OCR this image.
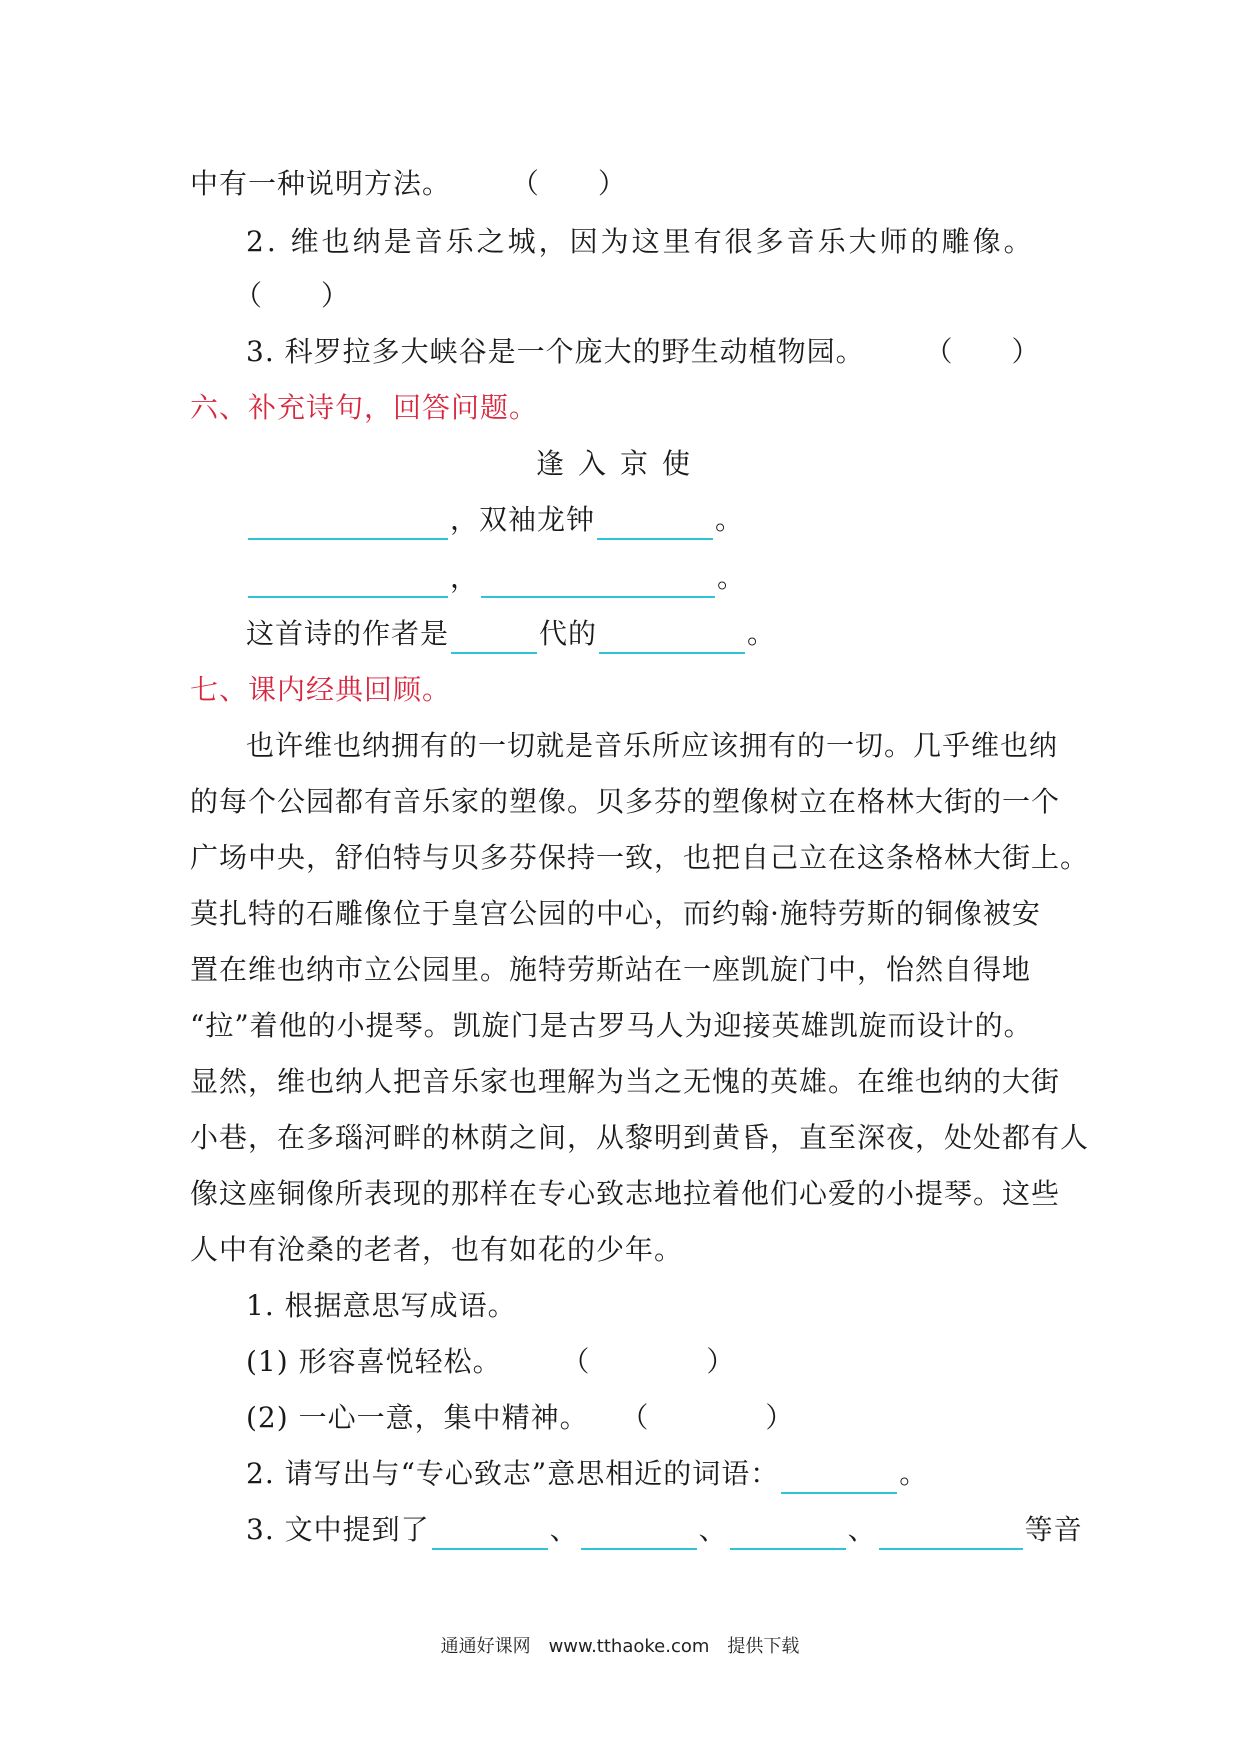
中有一种说明方法。 （　　）
2. 维也纳是音乐之城，因为这里有很多音乐大师的雕像。
（　　）
3. 科罗拉多大峡谷是一个庞大的野生动植物园。 （　　）
六、补充诗句，回答问题。
逢入京使
，双袖龙钟	。
，	。
这首诗的作者是	代的	。
七、课内经典回顾。
也许维也纳拥有的一切就是音乐所应该拥有的一切。几乎维也纳
的每个公园都有音乐家的塑像。贝多芬的塑像树立在格林大街的一个
广场中央，舒伯特与贝多芬保持一致，也把自己立在这条格林大街上。
莫扎特的石雕像位于皇宫公园的中心，而约翰·施特劳斯的铜像被安
置在维也纳市立公园里。施特劳斯站在一座凯旋门中，怡然自得地
“拉”着他的小提琴。凯旋门是古罗马人为迎接英雄凯旋而设计的。
显然，维也纳人把音乐家也理解为当之无愧的英雄。在维也纳的大街
小巷，在多瑙河畔的林荫之间，从黎明到黄昏，直至深夜，处处都有人
像这座铜像所表现的那样在专心致志地拉着他们心爱的小提琴。这些
人中有沧桑的老者，也有如花的少年。
1. 根据意思写成语。
(1) 形容喜悦轻松。 （　　　　）
(2) 一心一意，集中精神。 （　　　　）
2. 请写出与“专心致志”意思相近的词语：	。
3. 文中提到了	、	、	、	等音
通通好课网　www.tthaoke.com　提供下载
